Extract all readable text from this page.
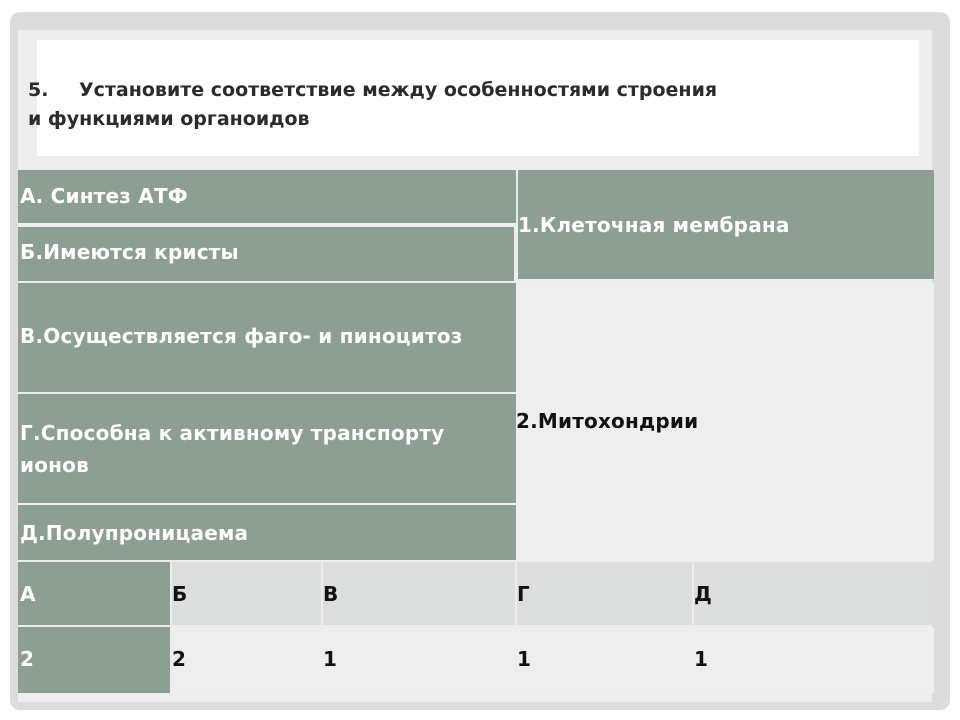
5. Установите соответствие между особенностями строения
и функциями органоидов

А. Синтез АТФ
Б.Имеются кристы
В.Осуществляется фаго- и пиноцитоз
Г.Способна к активному транспорту
ионов
Д.Полупроницаема
1.Клеточная мембрана
2.Митохондрии
А	Б	В	Г	Д
2	2	1	1	1
